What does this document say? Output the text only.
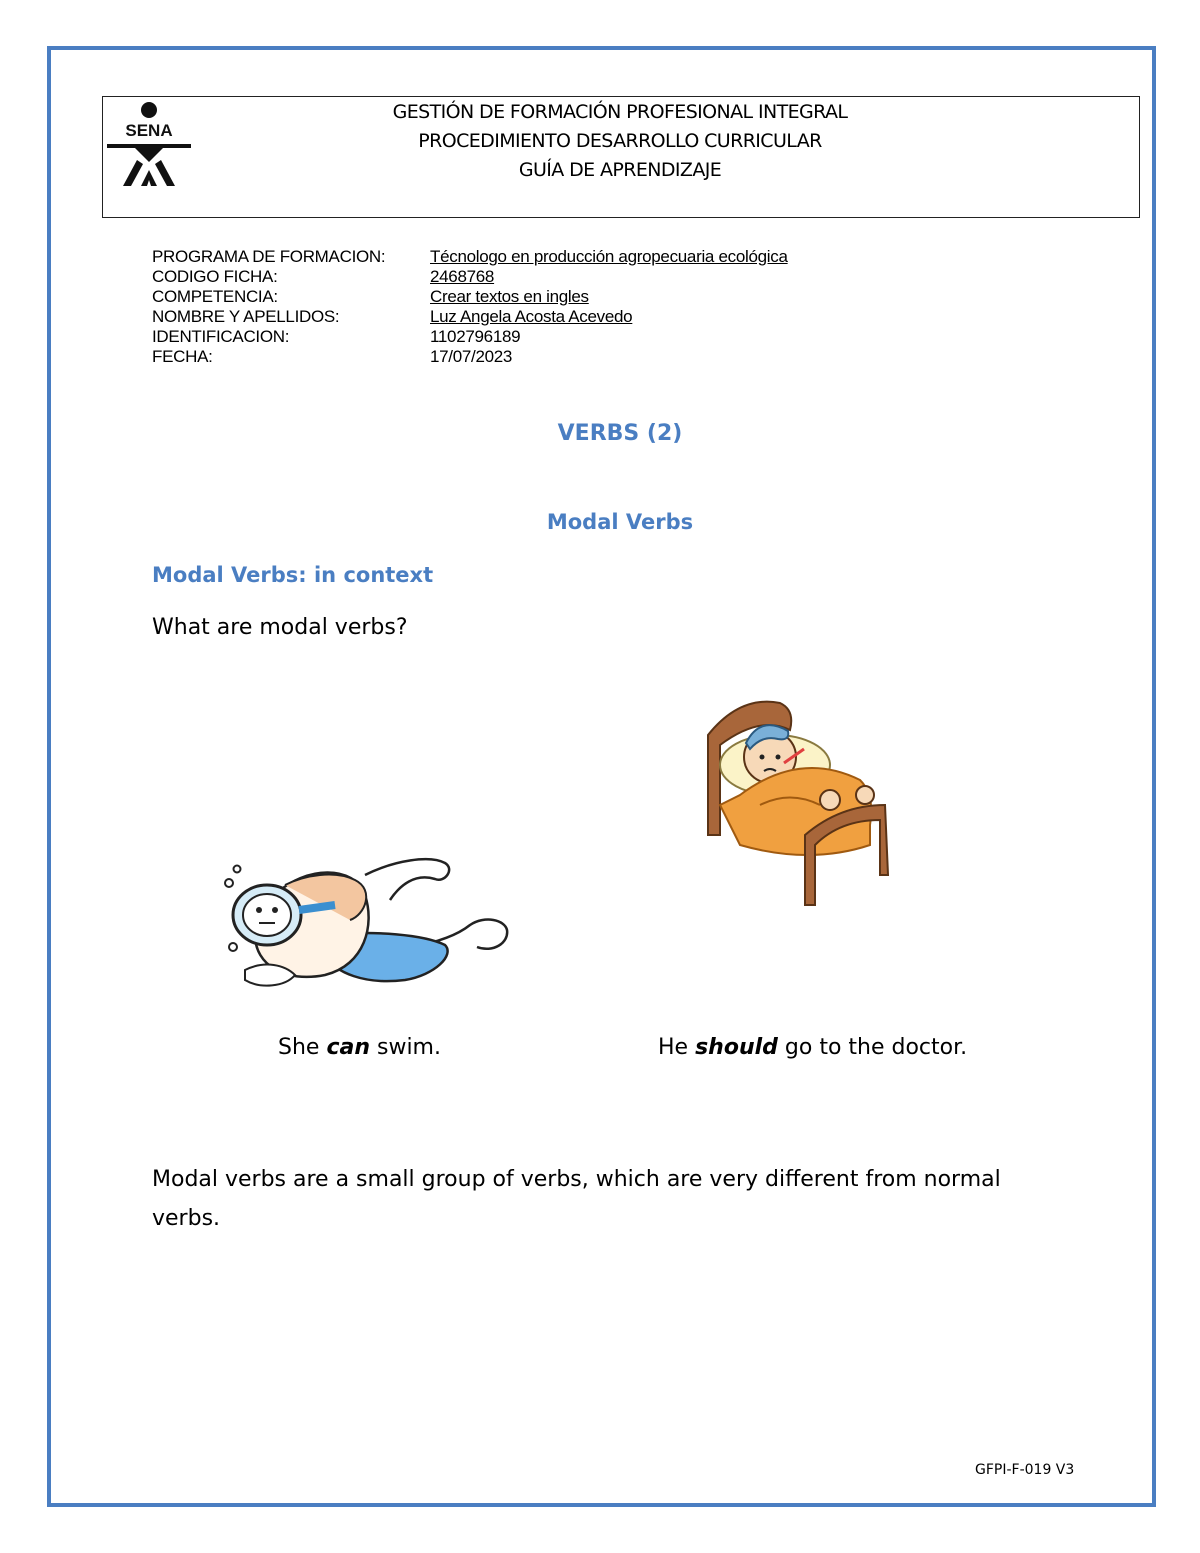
SENA
GESTIÓN DE FORMACIÓN PROFESIONAL INTEGRAL
PROCEDIMIENTO DESARROLLO CURRICULAR
GUÍA DE APRENDIZAJE
PROGRAMA DE FORMACION:	Técnologo en producción agropecuaria ecológica
CODIGO FICHA:	2468768
COMPETENCIA:	Crear textos en ingles
NOMBRE Y APELLIDOS:	Luz Angela Acosta Acevedo
IDENTIFICACION:	1102796189
FECHA:	17/07/2023
VERBS (2)
Modal Verbs
Modal Verbs: in context
What are modal verbs?
She can swim.	He should go to the doctor.
Modal verbs are a small group of verbs, which are very different from normal verbs.
GFPI-F-019 V3
